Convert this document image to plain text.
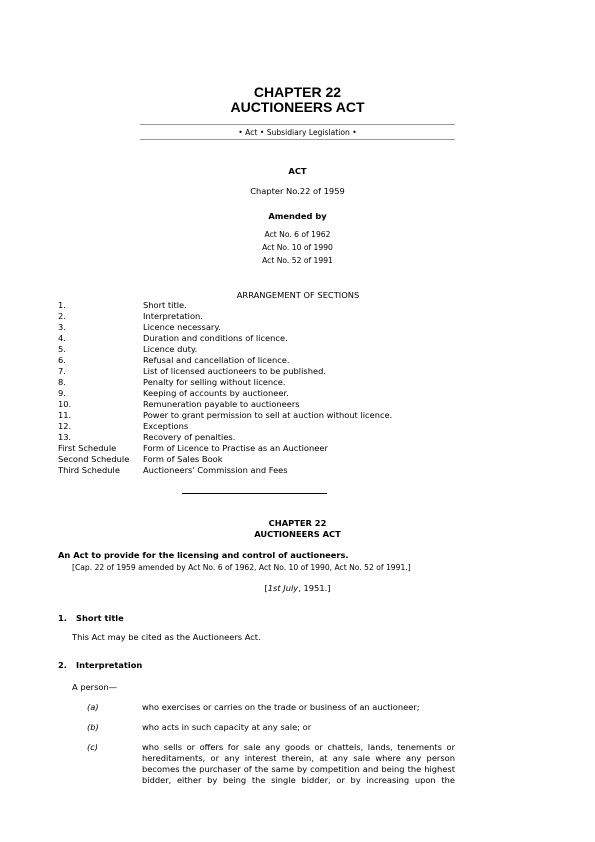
CHAPTER 22
AUCTIONEERS ACT
• Act • Subsidiary Legislation •
ACT
Chapter No.22 of 1959
Amended by
Act No. 6 of 1962
Act No. 10 of 1990
Act No. 52 of 1991
ARRANGEMENT OF SECTIONS
1.	Short title.
2.	Interpretation.
3.	Licence necessary.
4.	Duration and conditions of licence.
5.	Licence duty.
6.	Refusal and cancellation of licence.
7.	List of licensed auctioneers to be published.
8.	Penalty for selling without licence.
9.	Keeping of accounts by auctioneer.
10.	Remuneration payable to auctioneers
11.	Power to grant permission to sell at auction without licence.
12.	Exceptions
13.	Recovery of penalties.
First Schedule	Form of Licence to Practise as an Auctioneer
Second Schedule Form of Sales Book
Third Schedule	Auctioneers' Commission and Fees
CHAPTER 22
AUCTIONEERS ACT
An Act to provide for the licensing and control of auctioneers.
[Cap. 22 of 1959 amended by Act No. 6 of 1962, Act No. 10 of 1990, Act No. 52 of 1991.]
[1st July, 1951.]
1. Short title
This Act may be cited as the Auctioneers Act.
2. Interpretation
A person—
(a)	who exercises or carries on the trade or business of an auctioneer;
(b)	who acts in such capacity at any sale; or
(c)	who sells or offers for sale any goods or chattels, lands, tenements or
hereditaments, or any interest therein, at any sale where any person
becomes the purchaser of the same by competition and being the highest
bidder, either by being the single bidder, or by increasing upon the
